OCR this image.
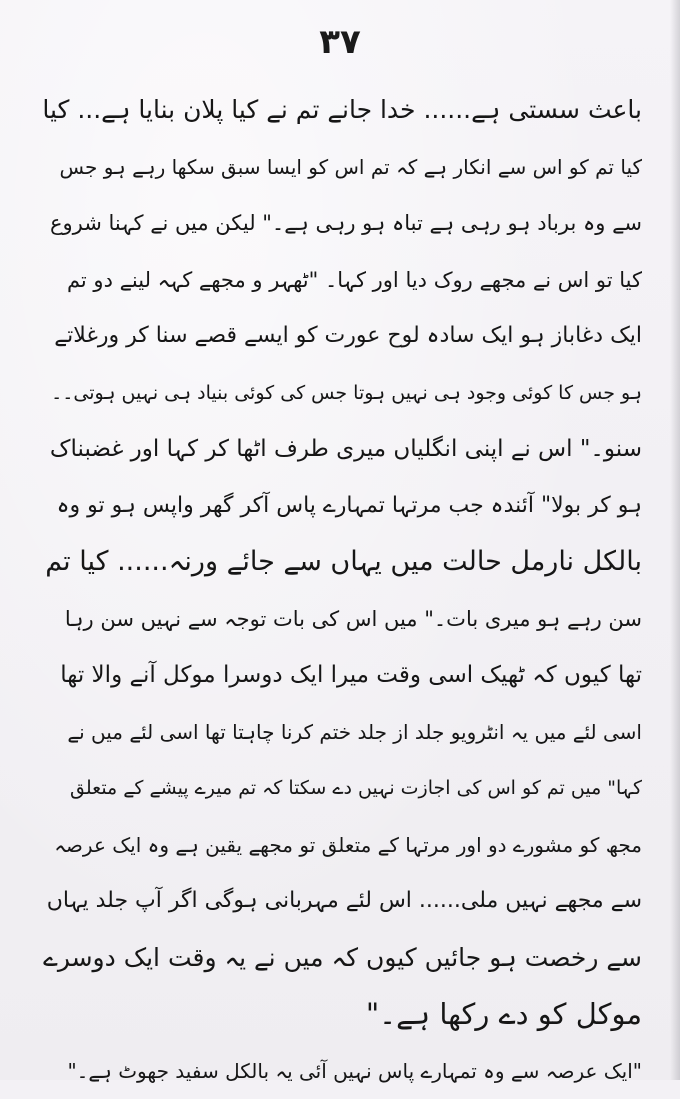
۳۷
باعث سستی ہے...... خدا جانے تم نے کیا پلان بنایا ہے... کیا
کیا تم کو اس سے انکار ہے کہ تم اس کو ایسا سبق سکھا رہے ہو جس
سے وہ برباد ہو رہی ہے تباہ ہو رہی ہے۔" لیکن میں نے کہنا شروع
کیا تو اس نے مجھے روک دیا اور کہا۔ "ٹھہر و مجھے کہہ لینے دو تم
ایک دغاباز ہو ایک سادہ لوح عورت کو ایسے قصے سنا کر ورغلاتے
ہو جس کا کوئی وجود ہی نہیں ہوتا جس کی کوئی بنیاد ہی نہیں ہوتی۔۔
سنو۔" اس نے اپنی انگلیاں میری طرف اٹھا کر کہا اور غضبناک
ہو کر بولا" آئندہ جب مرتہا تمہارے پاس آکر گھر واپس ہو تو وہ
بالکل نارمل حالت میں یہاں سے جائے ورنہ...... کیا تم
سن رہے ہو میری بات۔" میں اس کی بات توجہ سے نہیں سن رہا
تھا کیوں کہ ٹھیک اسی وقت میرا ایک دوسرا موکل آنے والا تھا
اسی لئے میں یہ انٹرویو جلد از جلد ختم کرنا چاہتا تھا اسی لئے میں نے
کہا" میں تم کو اس کی اجازت نہیں دے سکتا کہ تم میرے پیشے کے متعلق
مجھ کو مشورے دو اور مرتہا کے متعلق تو مجھے یقین ہے وہ ایک عرصہ
سے مجھے نہیں ملی...... اس لئے مہربانی ہوگی اگر آپ جلد یہاں
سے رخصت ہو جائیں کیوں کہ میں نے یہ وقت ایک دوسرے
موکل کو دے رکھا ہے۔"
"ایک عرصہ سے وہ تمہارے پاس نہیں آئی یہ بالکل سفید جھوٹ ہے۔"
